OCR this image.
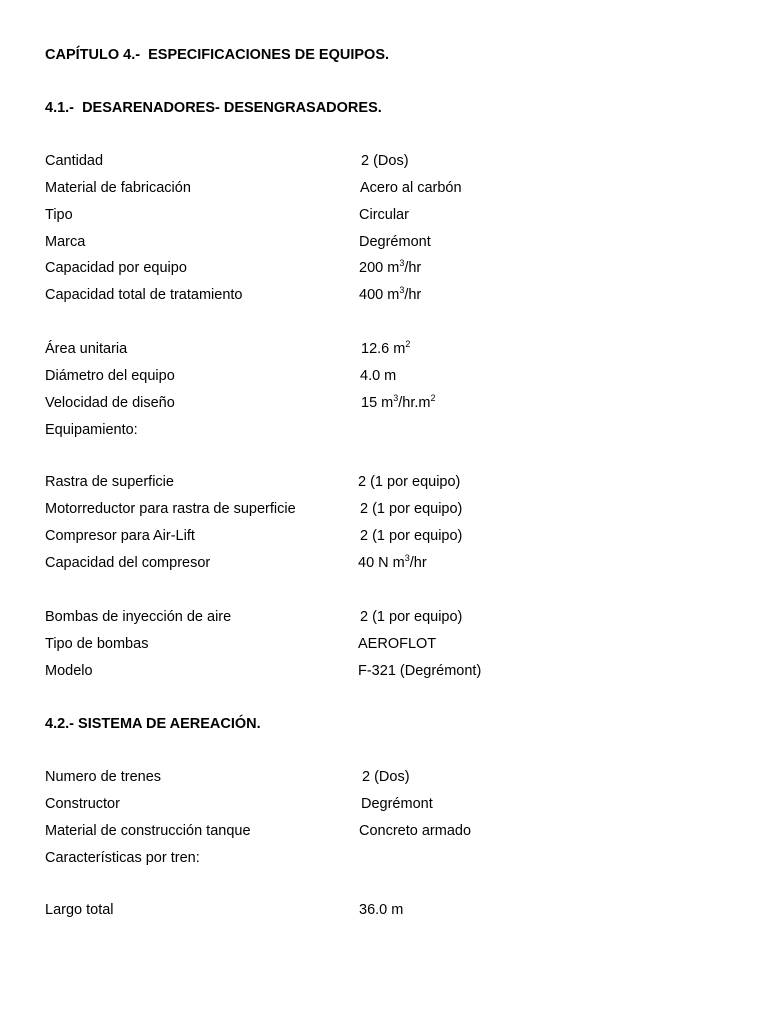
CAPÍTULO 4.-  ESPECIFICACIONES DE EQUIPOS.
4.1.-  DESARENADORES- DESENGRASADORES.
Cantidad	2 (Dos)
Material de fabricación	Acero al carbón
Tipo	Circular
Marca	Degrémont
Capacidad por equipo	200 $m^3/hr$
Capacidad total de tratamiento	400 $m^3/hr$
Área unitaria	12.6 $m^2$
Diámetro del equipo	4.0 m
Velocidad de diseño	15 $m^3/hr.m^2$
Equipamiento:
Rastra de superficie	2 (1 por equipo)
Motorreductor para rastra de superficie	2 (1 por equipo)
Compresor para Air-Lift	2 (1 por equipo)
Capacidad del compresor	40 N $m^3/hr$
Bombas de inyección de aire	2 (1 por equipo)
Tipo de bombas	AEROFLOT
Modelo	F-321 (Degrémont)
4.2.- SISTEMA DE AEREACIÓN.
Numero de trenes	2 (Dos)
Constructor	Degrémont
Material de construcción tanque	Concreto armado
Características por tren:
Largo total	36.0 m
